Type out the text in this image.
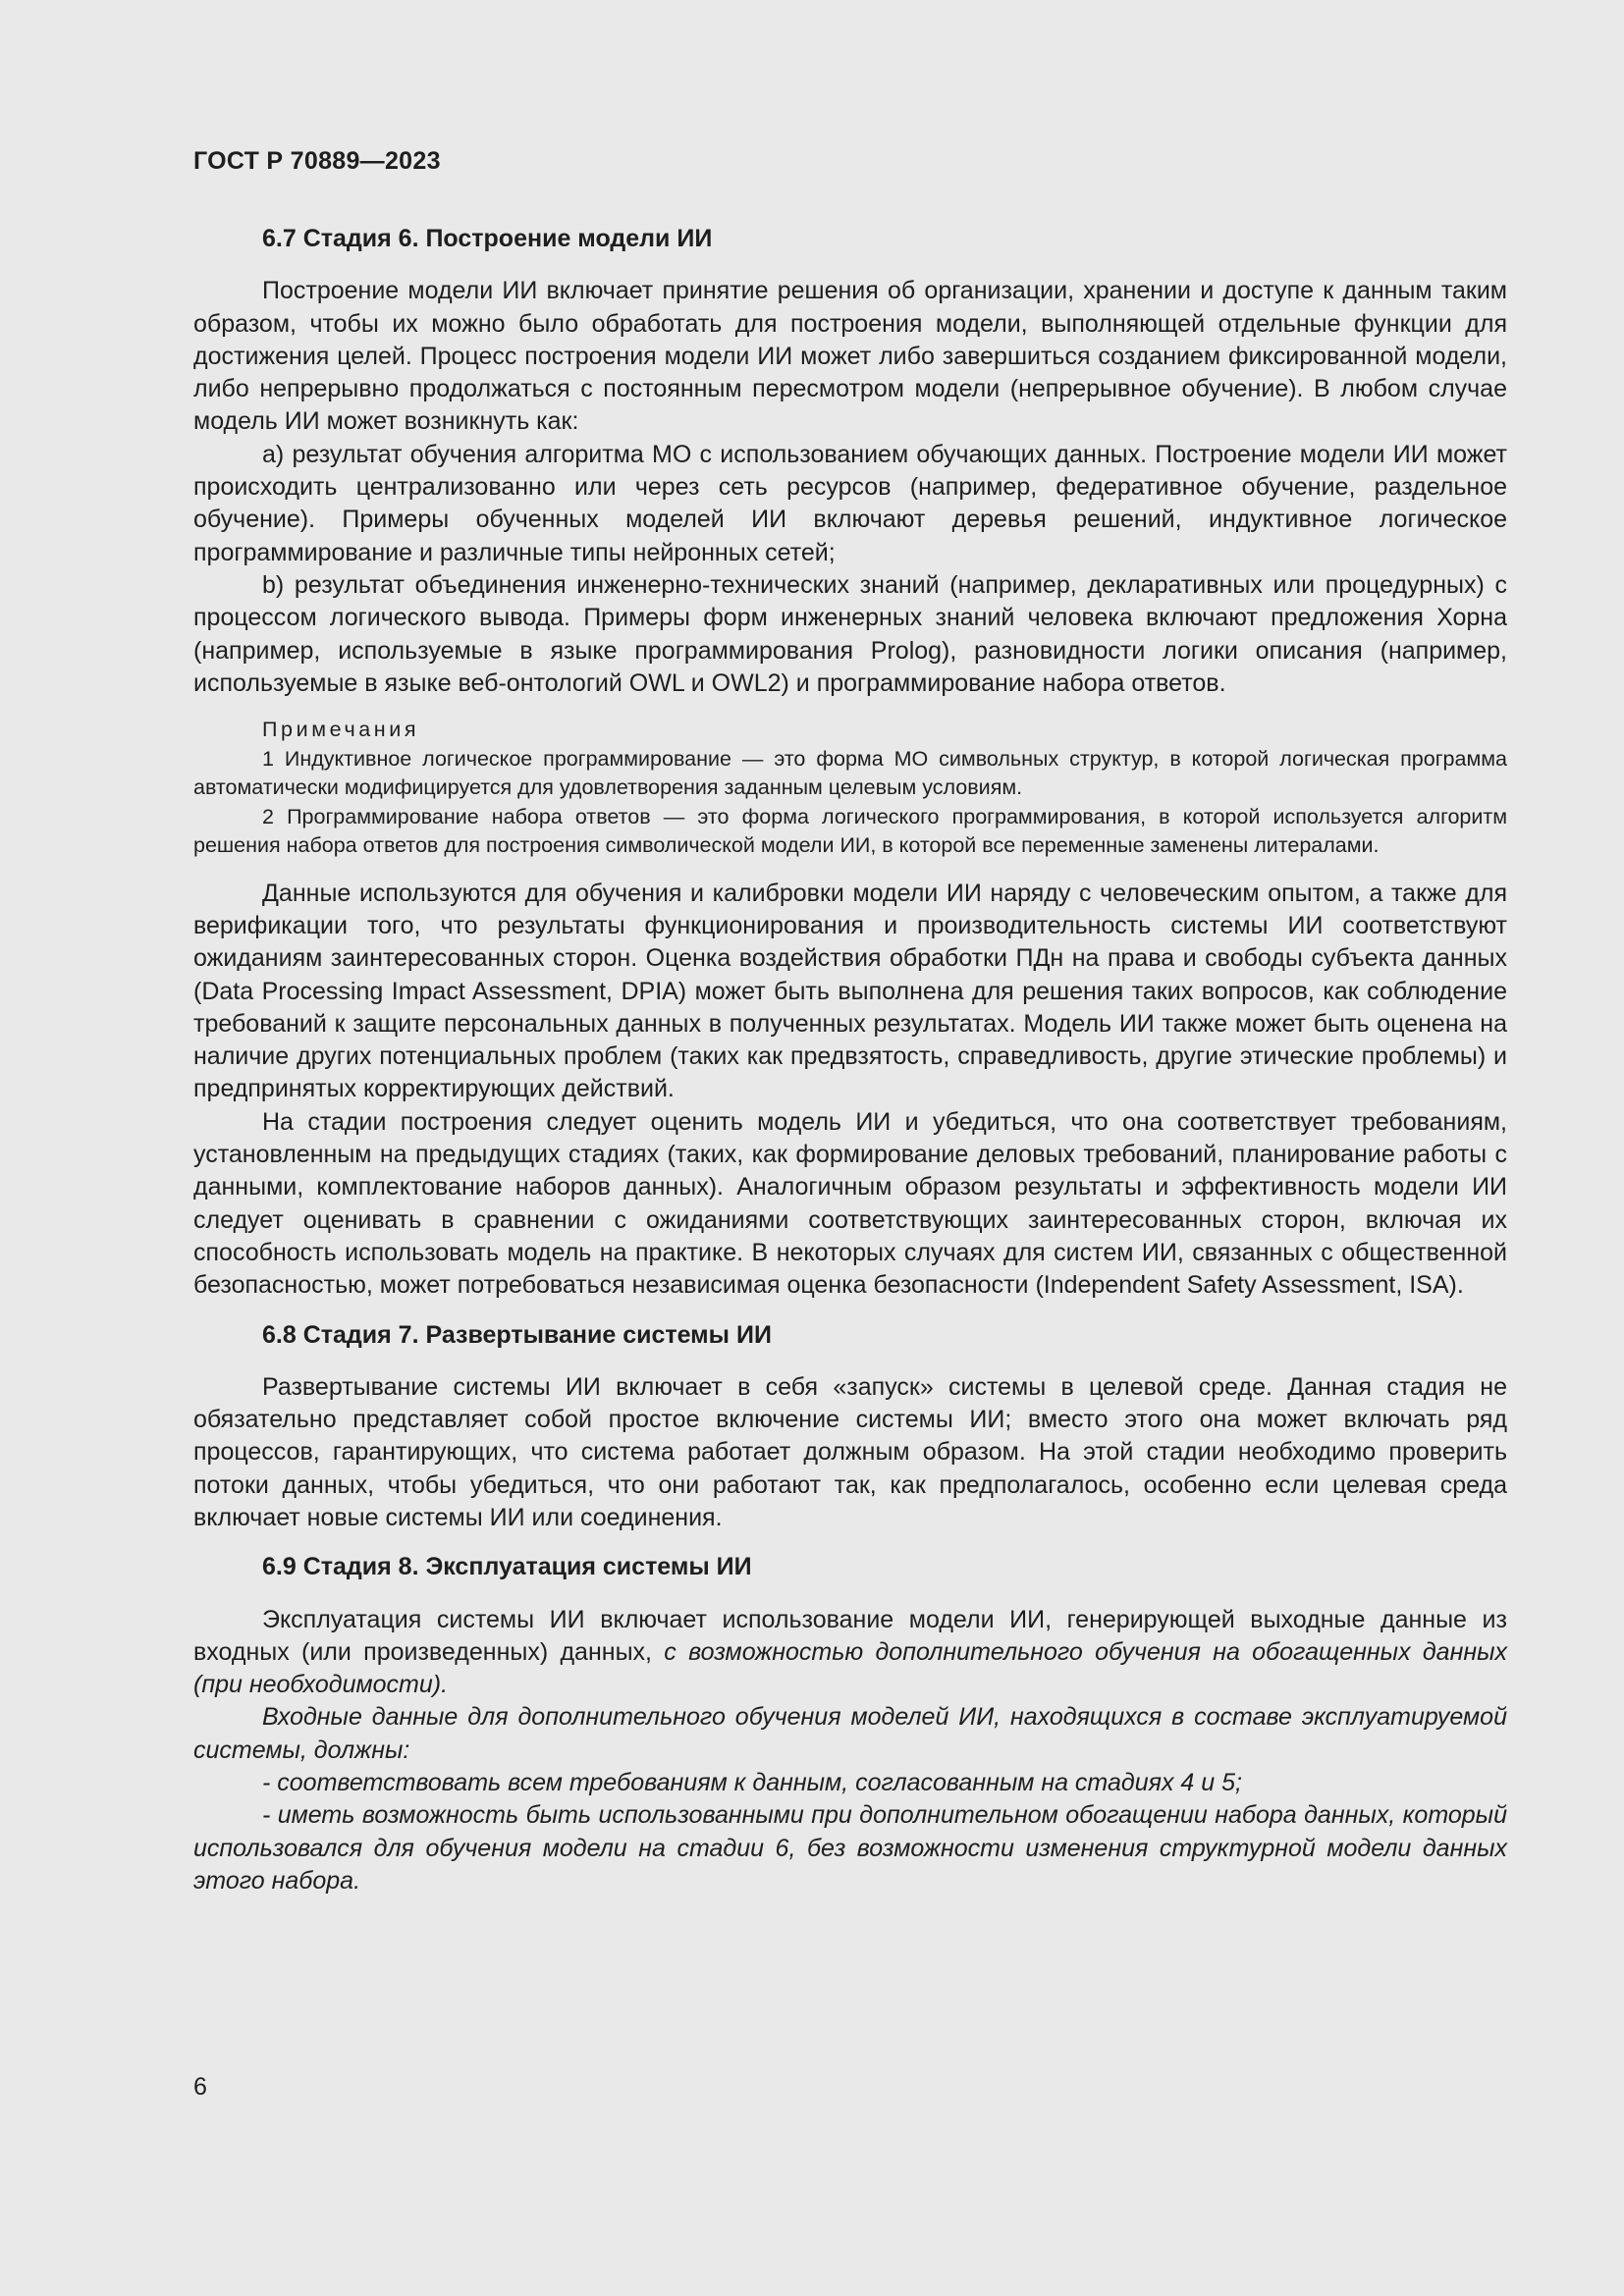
ГОСТ Р 70889—2023

6.7 Стадия 6. Построение модели ИИ

Построение модели ИИ включает принятие решения об организации, хранении и доступе к данным таким образом, чтобы их можно было обработать для построения модели, выполняющей отдельные функции для достижения целей. Процесс построения модели ИИ может либо завершиться созданием фиксированной модели, либо непрерывно продолжаться с постоянным пересмотром модели (непрерывное обучение). В любом случае модель ИИ может возникнуть как:

a) результат обучения алгоритма МО с использованием обучающих данных. Построение модели ИИ может происходить централизованно или через сеть ресурсов (например, федеративное обучение, раздельное обучение). Примеры обученных моделей ИИ включают деревья решений, индуктивное логическое программирование и различные типы нейронных сетей;

b) результат объединения инженерно-технических знаний (например, декларативных или процедурных) с процессом логического вывода. Примеры форм инженерных знаний человека включают предложения Хорна (например, используемые в языке программирования Prolog), разновидности логики описания (например, используемые в языке веб-онтологий OWL и OWL2) и программирование набора ответов.

Примечания

1 Индуктивное логическое программирование — это форма МО символьных структур, в которой логическая программа автоматически модифицируется для удовлетворения заданным целевым условиям.

2 Программирование набора ответов — это форма логического программирования, в которой используется алгоритм решения набора ответов для построения символической модели ИИ, в которой все переменные заменены литералами.

Данные используются для обучения и калибровки модели ИИ наряду с человеческим опытом, а также для верификации того, что результаты функционирования и производительность системы ИИ соответствуют ожиданиям заинтересованных сторон. Оценка воздействия обработки ПДн на права и свободы субъекта данных (Data Processing Impact Assessment, DPIA) может быть выполнена для решения таких вопросов, как соблюдение требований к защите персональных данных в полученных результатах. Модель ИИ также может быть оценена на наличие других потенциальных проблем (таких как предвзятость, справедливость, другие этические проблемы) и предпринятых корректирующих действий.

На стадии построения следует оценить модель ИИ и убедиться, что она соответствует требованиям, установленным на предыдущих стадиях (таких, как формирование деловых требований, планирование работы с данными, комплектование наборов данных). Аналогичным образом результаты и эффективность модели ИИ следует оценивать в сравнении с ожиданиями соответствующих заинтересованных сторон, включая их способность использовать модель на практике. В некоторых случаях для систем ИИ, связанных с общественной безопасностью, может потребоваться независимая оценка безопасности (Independent Safety Assessment, ISA).

6.8 Стадия 7. Развертывание системы ИИ

Развертывание системы ИИ включает в себя «запуск» системы в целевой среде. Данная стадия не обязательно представляет собой простое включение системы ИИ; вместо этого она может включать ряд процессов, гарантирующих, что система работает должным образом. На этой стадии необходимо проверить потоки данных, чтобы убедиться, что они работают так, как предполагалось, особенно если целевая среда включает новые системы ИИ или соединения.

6.9 Стадия 8. Эксплуатация системы ИИ

Эксплуатация системы ИИ включает использование модели ИИ, генерирующей выходные данные из входных (или произведенных) данных, с возможностью дополнительного обучения на обогащенных данных (при необходимости).

Входные данные для дополнительного обучения моделей ИИ, находящихся в составе эксплуатируемой системы, должны:

- соответствовать всем требованиям к данным, согласованным на стадиях 4 и 5;

- иметь возможность быть использованными при дополнительном обогащении набора данных, который использовался для обучения модели на стадии 6, без возможности изменения структурной модели данных этого набора.

6
